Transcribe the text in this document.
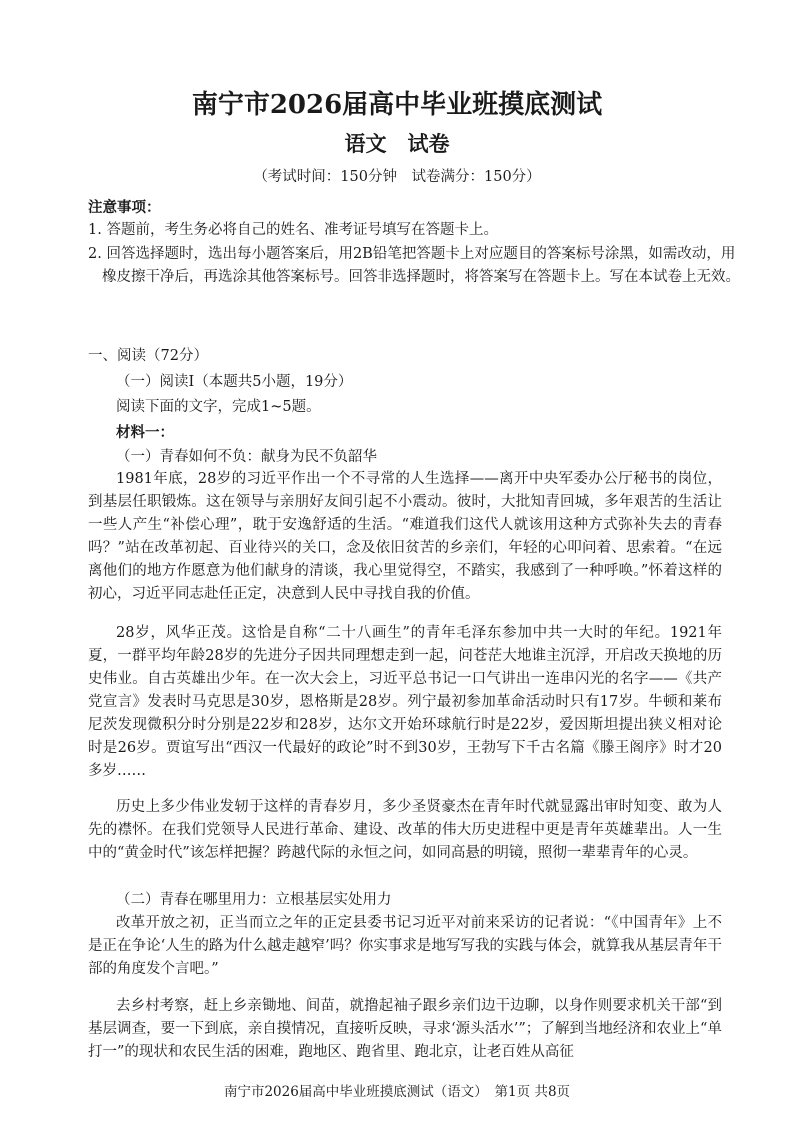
南宁市2026届高中毕业班摸底测试
语文　试卷
（考试时间：150分钟　试卷满分：150分）
注意事项：
1. 答题前，考生务必将自己的姓名、准考证号填写在答题卡上。
2. 回答选择题时，选出每小题答案后，用2B铅笔把答题卡上对应题目的答案标号涂黑，如需改动，用橡皮擦干净后，再选涂其他答案标号。回答非选择题时，将答案写在答题卡上。写在本试卷上无效。
一、阅读（72分）
（一）阅读Ⅰ（本题共5小题，19分）
阅读下面的文字，完成1~5题。
材料一：
（一）青春如何不负：献身为民不负韶华
1981年底，28岁的习近平作出一个不寻常的人生选择——离开中央军委办公厅秘书的岗位，到基层任职锻炼。这在领导与亲朋好友间引起不小震动。彼时，大批知青回城，多年艰苦的生活让一些人产生“补偿心理”，耽于安逸舒适的生活。“难道我们这代人就该用这种方式弥补失去的青春吗？”站在改革初起、百业待兴的关口，念及依旧贫苦的乡亲们，年轻的心叩问着、思索着。“在远离他们的地方作愿意为他们献身的清谈，我心里觉得空，不踏实，我感到了一种呼唤。”怀着这样的初心，习近平同志赴任正定，决意到人民中寻找自我的价值。
28岁，风华正茂。这恰是自称“二十八画生”的青年毛泽东参加中共一大时的年纪。1921年夏，一群平均年龄28岁的先进分子因共同理想走到一起，问苍茫大地谁主沉浮，开启改天换地的历史伟业。自古英雄出少年。在一次大会上，习近平总书记一口气讲出一连串闪光的名字——《共产党宣言》发表时马克思是30岁，恩格斯是28岁。列宁最初参加革命活动时只有17岁。牛顿和莱布尼茨发现微积分时分别是22岁和28岁，达尔文开始环球航行时是22岁，爱因斯坦提出狭义相对论时是26岁。贾谊写出“西汉一代最好的政论”时不到30岁，王勃写下千古名篇《滕王阁序》时才20多岁……
历史上多少伟业发轫于这样的青春岁月，多少圣贤豪杰在青年时代就显露出审时知变、敢为人先的襟怀。在我们党领导人民进行革命、建设、改革的伟大历史进程中更是青年英雄辈出。人一生中的“黄金时代”该怎样把握？跨越代际的永恒之问，如同高悬的明镜，照彻一辈辈青年的心灵。
（二）青春在哪里用力：立根基层实处用力
改革开放之初，正当而立之年的正定县委书记习近平对前来采访的记者说：“《中国青年》上不是正在争论‘人生的路为什么越走越窄’吗？你实事求是地写写我的实践与体会，就算我从基层青年干部的角度发个言吧。”
去乡村考察，赶上乡亲锄地、间苗，就撸起袖子跟乡亲们边干边聊，以身作则要求机关干部“到基层调查，要一下到底，亲自摸情况，直接听反映，寻求‘源头活水’”；了解到当地经济和农业上“单打一”的现状和农民生活的困难，跑地区、跑省里、跑北京，让老百姓从高征
南宁市2026届高中毕业班摸底测试（语文）　第1页 共8页
